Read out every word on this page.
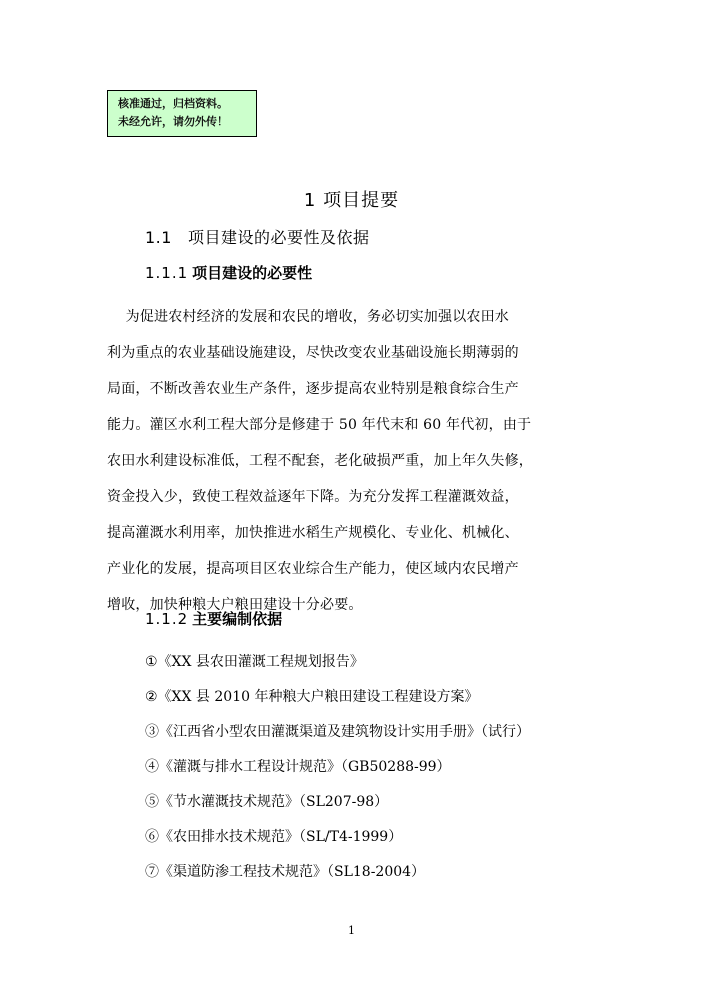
核准通过，归档资料。
未经允许，请勿外传！
1 项目提要
1.1 项目建设的必要性及依据
1.1.1 项目建设的必要性
为促进农村经济的发展和农民的增收，务必切实加强以农田水
利为重点的农业基础设施建设，尽快改变农业基础设施长期薄弱的
局面，不断改善农业生产条件，逐步提高农业特别是粮食综合生产
能力。灌区水利工程大部分是修建于 50 年代末和 60 年代初，由于
农田水利建设标准低，工程不配套，老化破损严重，加上年久失修，
资金投入少，致使工程效益逐年下降。为充分发挥工程灌溉效益，
提高灌溉水利用率，加快推进水稻生产规模化、专业化、机械化、
产业化的发展，提高项目区农业综合生产能力，使区域内农民增产
增收，加快种粮大户粮田建设十分必要。
1.1.2 主要编制依据
①《XX 县农田灌溉工程规划报告》
②《XX 县 2010 年种粮大户粮田建设工程建设方案》
③《江西省小型农田灌溉渠道及建筑物设计实用手册》（试行）
④《灌溉与排水工程设计规范》（GB50288-99）
⑤《节水灌溉技术规范》（SL207-98）
⑥《农田排水技术规范》（SL/T4-1999）
⑦《渠道防渗工程技术规范》（SL18-2004）
1
